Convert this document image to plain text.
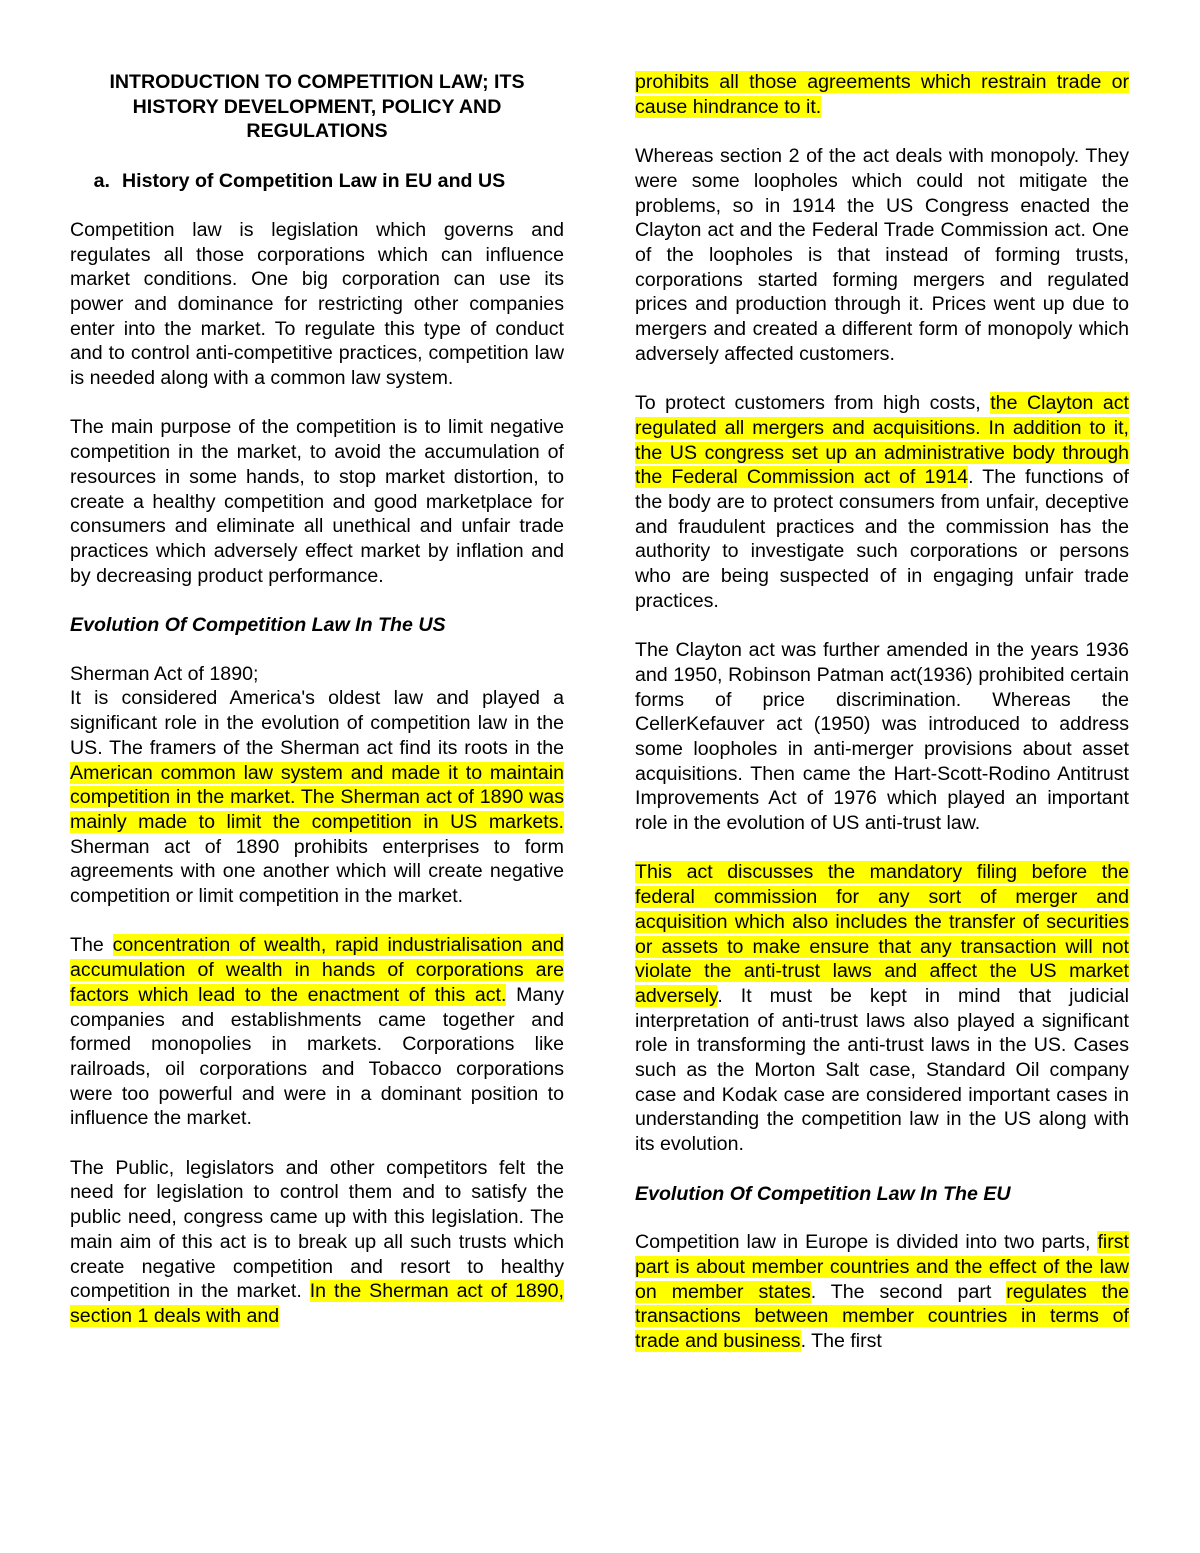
INTRODUCTION TO COMPETITION LAW; ITS HISTORY DEVELOPMENT, POLICY AND REGULATIONS
a. History of Competition Law in EU and US

Competition law is legislation which governs and regulates all those corporations which can influence market conditions. One big corporation can use its power and dominance for restricting other companies enter into the market. To regulate this type of conduct and to control anti-competitive practices, competition law is needed along with a common law system.

The main purpose of the competition is to limit negative competition in the market, to avoid the accumulation of resources in some hands, to stop market distortion, to create a healthy competition and good marketplace for consumers and eliminate all unethical and unfair trade practices which adversely effect market by inflation and by decreasing product performance.

Evolution Of Competition Law In The US

Sherman Act of 1890;

It is considered America's oldest law and played a significant role in the evolution of competition law in the US. The framers of the Sherman act find its roots in the American common law system and made it to maintain competition in the market. The Sherman act of 1890 was mainly made to limit the competition in US markets. Sherman act of 1890 prohibits enterprises to form agreements with one another which will create negative competition or limit competition in the market.

The concentration of wealth, rapid industrialisation and accumulation of wealth in hands of corporations are factors which lead to the enactment of this act. Many companies and establishments came together and formed monopolies in markets. Corporations like railroads, oil corporations and Tobacco corporations were too powerful and were in a dominant position to influence the market.

The Public, legislators and other competitors felt the need for legislation to control them and to satisfy the public need, congress came up with this legislation. The main aim of this act is to break up all such trusts which create negative competition and resort to healthy competition in the market. In the Sherman act of 1890, section 1 deals with and

prohibits all those agreements which restrain trade or cause hindrance to it.

Whereas section 2 of the act deals with monopoly. They were some loopholes which could not mitigate the problems, so in 1914 the US Congress enacted the Clayton act and the Federal Trade Commission act. One of the loopholes is that instead of forming trusts, corporations started forming mergers and regulated prices and production through it. Prices went up due to mergers and created a different form of monopoly which adversely affected customers.

To protect customers from high costs, the Clayton act regulated all mergers and acquisitions. In addition to it, the US congress set up an administrative body through the Federal Commission act of 1914. The functions of the body are to protect consumers from unfair, deceptive and fraudulent practices and the commission has the authority to investigate such corporations or persons who are being suspected of in engaging unfair trade practices.

The Clayton act was further amended in the years 1936 and 1950, Robinson Patman act(1936) prohibited certain forms of price discrimination. Whereas the CellerKefauver act (1950) was introduced to address some loopholes in anti-merger provisions about asset acquisitions. Then came the Hart-Scott-Rodino Antitrust Improvements Act of 1976 which played an important role in the evolution of US anti-trust law.

This act discusses the mandatory filing before the federal commission for any sort of merger and acquisition which also includes the transfer of securities or assets to make ensure that any transaction will not violate the anti-trust laws and affect the US market adversely. It must be kept in mind that judicial interpretation of anti-trust laws also played a significant role in transforming the anti-trust laws in the US. Cases such as the Morton Salt case, Standard Oil company case and Kodak case are considered important cases in understanding the competition law in the US along with its evolution.

Evolution Of Competition Law In The EU

Competition law in Europe is divided into two parts, first part is about member countries and the effect of the law on member states. The second part regulates the transactions between member countries in terms of trade and business. The first
